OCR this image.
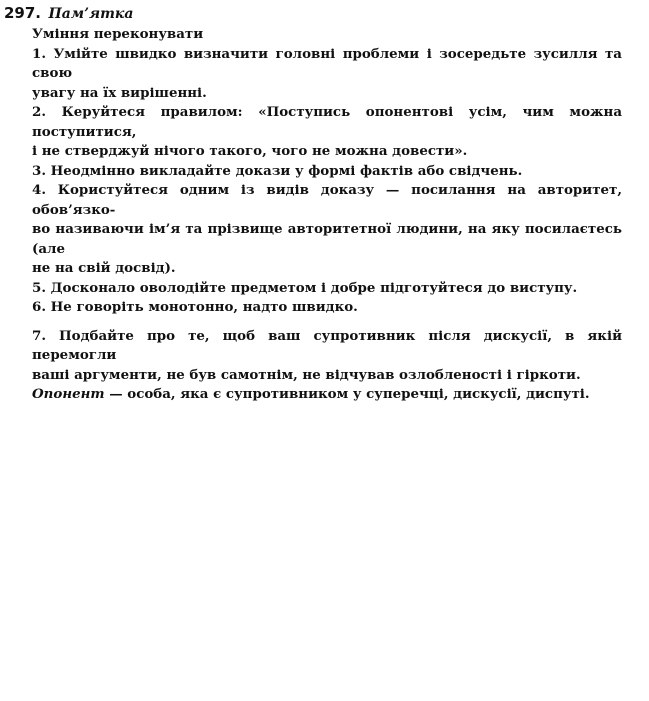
297. Пам’ятка
Уміння переконувати
1. Умійте швидко визначити головні проблеми і зосередьте зусилля та свою
увагу на їх вирішенні.
2. Керуйтеся правилом: «Поступись опонентові усім, чим можна поступитися,
і не стверджуй нічого такого, чого не можна довести».
3. Неодмінно викладайте докази у формі фактів або свідчень.
4. Користуйтеся одним із видів доказу — посилання на авторитет, обов’язко-
во називаючи ім’я та прізвище авторитетної людини, на яку посилаєтесь (але
не на свій досвід).
5. Досконало оволодійте предметом і добре підготуйтеся до виступу.
6. Не говоріть монотонно, надто швидко.
7. Подбайте про те, щоб ваш супротивник після дискусії, в якій перемогли
ваші аргументи, не був самотнім, не відчував озлобленості і гіркоти.
Опонент — особа, яка є супротивником у суперечці, дискусії, диспуті.
